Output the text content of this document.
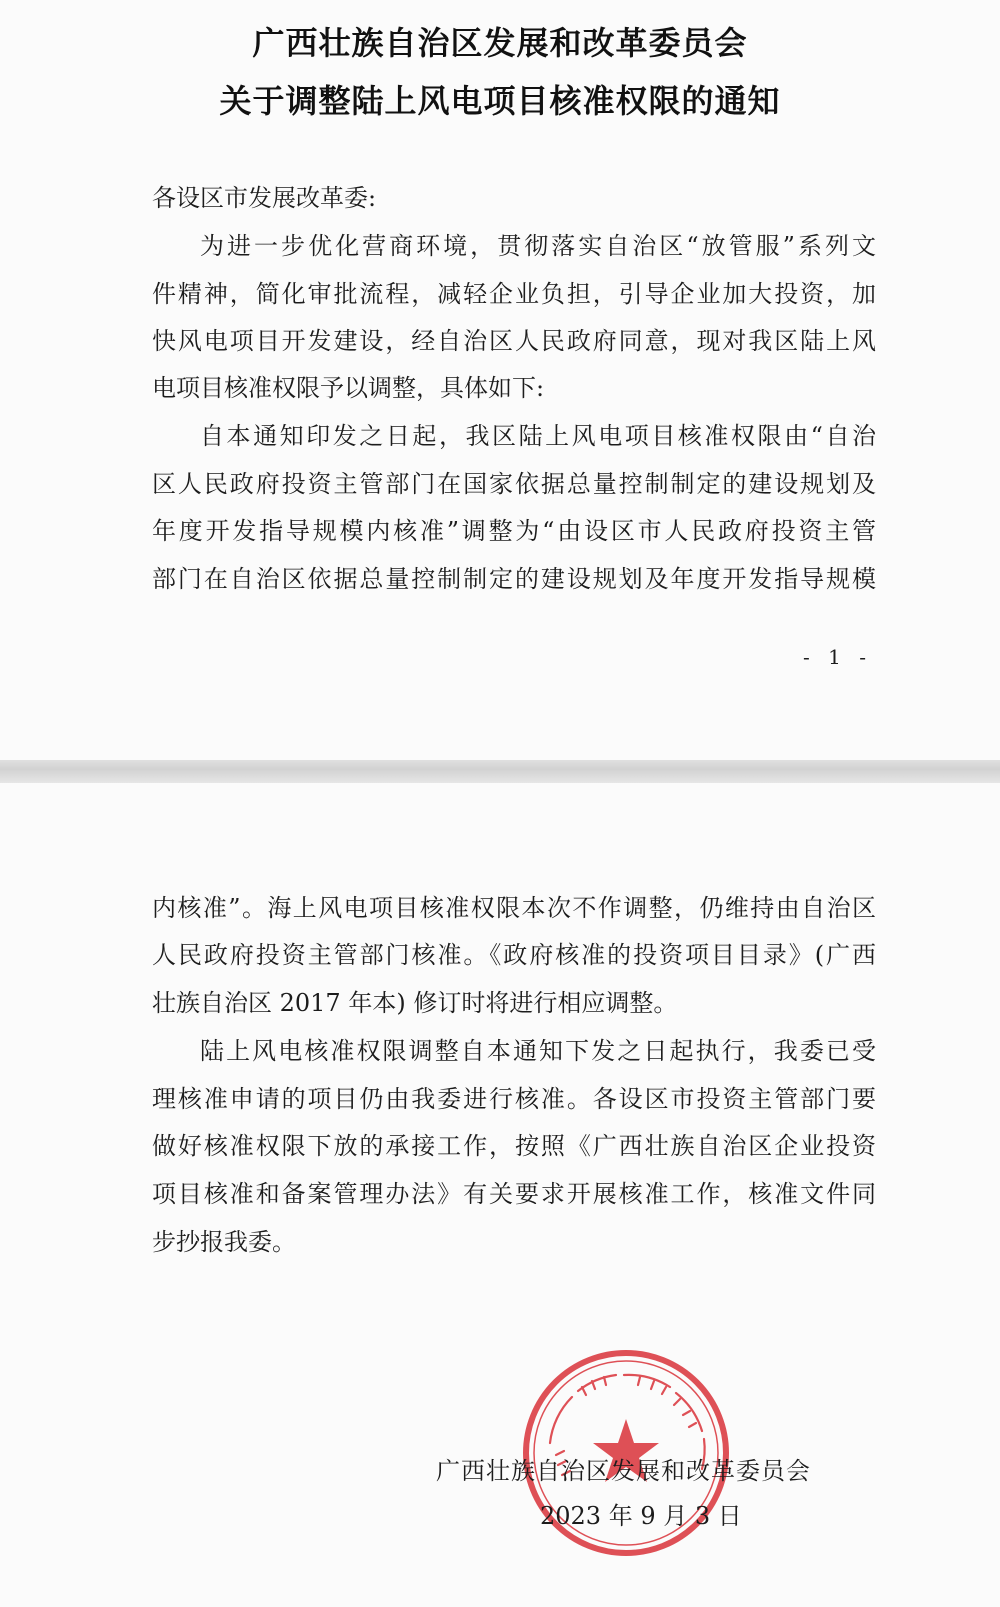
广西壮族自治区发展和改革委员会
关于调整陆上风电项目核准权限的通知
各设区市发展改革委:
为进一步优化营商环境，贯彻落实自治区“放管服”系列文
件精神，简化审批流程，减轻企业负担，引导企业加大投资，加
快风电项目开发建设，经自治区人民政府同意，现对我区陆上风
电项目核准权限予以调整，具体如下:
自本通知印发之日起，我区陆上风电项目核准权限由“自治
区人民政府投资主管部门在国家依据总量控制制定的建设规划及
年度开发指导规模内核准”调整为“由设区市人民政府投资主管
部门在自治区依据总量控制制定的建设规划及年度开发指导规模
- 1 -
内核准”。海上风电项目核准权限本次不作调整，仍维持由自治区
人民政府投资主管部门核准。《政府核准的投资项目目录》(广西
壮族自治区 2017 年本) 修订时将进行相应调整。
陆上风电核准权限调整自本通知下发之日起执行，我委已受
理核准申请的项目仍由我委进行核准。各设区市投资主管部门要
做好核准权限下放的承接工作，按照《广西壮族自治区企业投资
项目核准和备案管理办法》有关要求开展核准工作，核准文件同
步抄报我委。
广西壮族自治区发展和改革委员会
2023 年 9 月 3 日
